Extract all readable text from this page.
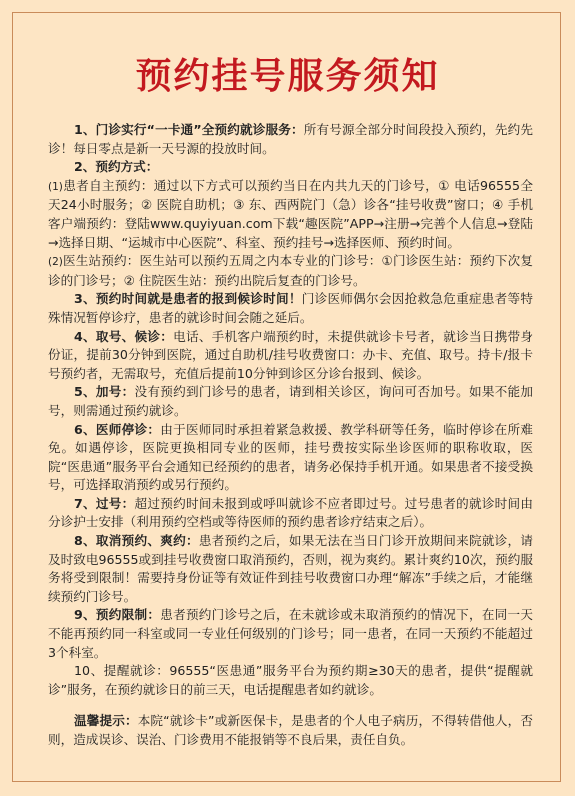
预约挂号服务须知

1、门诊实行“一卡通”全预约就诊服务：所有号源全部分时间段投入预约，先约先诊！每日零点是新一天号源的投放时间。

2、预约方式：

(1)患者自主预约：通过以下方式可以预约当日在内共九天的门诊号，① 电话96555全天24小时服务；② 医院自助机；③ 东、西两院门（急）诊各“挂号收费”窗口；④ 手机客户端预约：登陆www.quyiyuan.com下载“趣医院”APP→注册→完善个人信息→登陆→选择日期、“运城市中心医院”、科室、预约挂号→选择医师、预约时间。

(2)医生站预约：医生站可以预约五周之内本专业的门诊号：①门诊医生站：预约下次复诊的门诊号；② 住院医生站：预约出院后复查的门诊号。

3、预约时间就是患者的报到候诊时间！门诊医师偶尔会因抢救急危重症患者等特殊情况暂停诊疗，患者的就诊时间会随之延后。

4、取号、候诊：电话、手机客户端预约时，未提供就诊卡号者，就诊当日携带身份证，提前30分钟到医院，通过自助机/挂号收费窗口：办卡、充值、取号。持卡/报卡号预约者，无需取号，充值后提前10分钟到诊区分诊台报到、候诊。

5、加号：没有预约到门诊号的患者，请到相关诊区，询问可否加号。如果不能加号，则需通过预约就诊。

6、医师停诊：由于医师同时承担着紧急救援、教学科研等任务，临时停诊在所难免。如遇停诊，医院更换相同专业的医师，挂号费按实际坐诊医师的职称收取，医院“医患通”服务平台会通知已经预约的患者，请务必保持手机开通。如果患者不接受换号，可选择取消预约或另行预约。

7、过号：超过预约时间未报到或呼叫就诊不应者即过号。过号患者的就诊时间由分诊护士安排（利用预约空档或等待医师的预约患者诊疗结束之后）。

8、取消预约、爽约：患者预约之后，如果无法在当日门诊开放期间来院就诊，请及时致电96555或到挂号收费窗口取消预约，否则，视为爽约。累计爽约10次，预约服务将受到限制！需要持身份证等有效证件到挂号收费窗口办理“解冻”手续之后，才能继续预约门诊号。

9、预约限制：患者预约门诊号之后，在未就诊或未取消预约的情况下，在同一天不能再预约同一科室或同一专业任何级别的门诊号；同一患者，在同一天预约不能超过3个科室。

10、提醒就诊：96555“医患通”服务平台为预约期≥30天的患者，提供“提醒就诊”服务，在预约就诊日的前三天，电话提醒患者如约就诊。

温馨提示：本院“就诊卡”或新医保卡，是患者的个人电子病历，不得转借他人，否则，造成误诊、误治、门诊费用不能报销等不良后果，责任自负。
